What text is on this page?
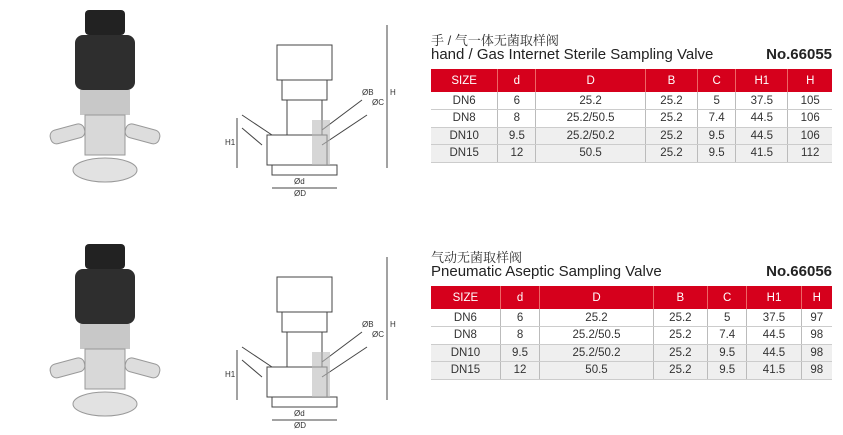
H
H1
Ød
ØD
ØB
ØC
手 / 气一体无菌取样阀
hand / Gas Internet Sterile Sampling Valve	No.66055
SIZE	d	D	B	C	H1	H
DN6	6	25.2	25.2	5	37.5	105
DN8	8	25.2/50.5	25.2	7.4	44.5	106
DN10	9.5	25.2/50.2	25.2	9.5	44.5	106
DN15	12	50.5	25.2	9.5	41.5	112
H
H1
Ød
ØD
ØB
ØC
气动无菌取样阀
Pneumatic Aseptic Sampling Valve	No.66056
SIZE	d	D	B	C	H1	H
DN6	6	25.2	25.2	5	37.5	97
DN8	8	25.2/50.5	25.2	7.4	44.5	98
DN10	9.5	25.2/50.2	25.2	9.5	44.5	98
DN15	12	50.5	25.2	9.5	41.5	98
